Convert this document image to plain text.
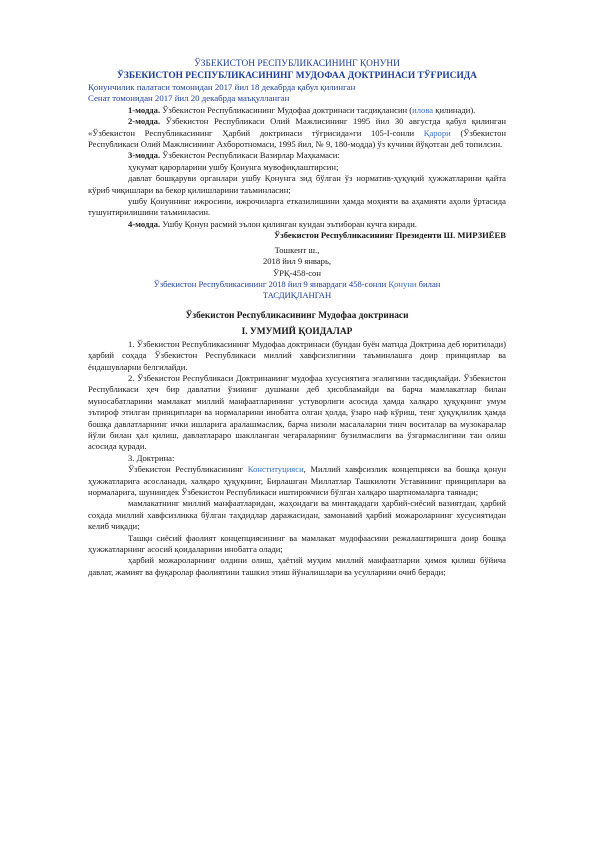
ЎЗБЕКИСТОН РЕСПУБЛИКАСИНИНГ ҚОНУНИ
ЎЗБЕКИСТОН РЕСПУБЛИКАСИНИНГ МУДОФАА ДОКТРИНАСИ ТЎҒРИСИДА
Қонунчилик палатаси томонидан 2017 йил 18 декабрда қабул қилинган
Сенат томонидан 2017 йил 20 декабрда маъқулланган

1-модда. Ўзбекистон Республикасининг Мудофаа доктринаси тасдиқлансин (илова қилинади).

2-модда. Ўзбекистон Республикаси Олий Мажлисининг 1995 йил 30 августда қабул қилинган «Ўзбекистон Республикасининг Ҳарбий доктринаси тўғрисида»ги 105-I-сонли Қарори (Ўзбекистон Республикаси Олий Мажлисининг Ахборотномаси, 1995 йил, № 9, 180-модда) ўз кучини йўқотган деб топилсин.

3-модда. Ўзбекистон Республикаси Вазирлар Маҳкамаси:

ҳукумат қарорларини ушбу Қонунга мувофиқлаштирсин;

давлат бошқаруви органлари ушбу Қонунга зид бўлган ўз норматив-ҳуқуқий ҳужжатларини қайта кўриб чиқишлари ва бекор қилишларини таъминласин;

ушбу Қонуннинг ижросини, ижрочиларга етказилишини ҳамда моҳияти ва аҳамияти аҳоли ўртасида тушунтирилишини таъминласин.

4-модда. Ушбу Қонун расмий эълон қилинган кундан эътиборан кучга киради.

Ўзбекистон Республикасининг Президенти Ш. МИРЗИЁЕВ
Тошкент ш.,
2018 йил 9 январь,
ЎРҚ-458-сон
Ўзбекистон Республикасининг 2018 йил 9 январдаги 458-сонли Қонуни билан
ТАСДИҚЛАНГАН
Ўзбекистон Республикасининг Мудофаа доктринаси
I. УМУМИЙ ҚОИДАЛАР

1. Ўзбекистон Республикасининг Мудофаа доктринаси (бундан буён матнда Доктрина деб юритилади) ҳарбий соҳада Ўзбекистон Республикаси миллий хавфсизлигини таъминлашга доир принциплар ва ёндашувларни белгилайди.

2. Ўзбекистон Республикаси Доктринанинг мудофаа хусусиятига эгалигини тасдиқлайди. Ўзбекистон Республикаси ҳеч бир давлатни ўзининг душмани деб ҳисобламайди ва барча мамлакатлар билан муносабатларини мамлакат миллий манфаатларининг устуворлиги асосида ҳамда халқаро ҳуқуқнинг умум эътироф этилган принциплари ва нормаларини инобатга олган ҳолда, ўзаро наф кўриш, тенг ҳуқуқлилик ҳамда бошқа давлатларнинг ички ишларига аралашмаслик, барча низоли масалаларни тинч воситалар ва музокаралар йўли билан ҳал қилиш, давлатлараро шаклланган чегараларнинг бузилмаслиги ва ўзгармаслигини тан олиш асосида қуради.

3. Доктрина:

Ўзбекистон Республикасининг Конституцияси, Миллий хавфсизлик концепцияси ва бошқа қонун ҳужжатларига асосланади, халқаро ҳуқуқнинг, Бирлашган Миллатлар Ташкилоти Уставининг принциплари ва нормаларига, шунингдек Ўзбекистон Республикаси иштирокчиси бўлган халқаро шартномаларга таянади;

мамлакатнинг миллий манфаатларидан, жаҳондаги ва минтақадаги ҳарбий-сиёсий вазиятдан, ҳарбий соҳада миллий хавфсизликка бўлган таҳдидлар даражасидан, замонавий ҳарбий можароларнинг хусусиятидан келиб чиқади;

Ташқи сиёсий фаолият концепциясининг ва мамлакат мудофаасини режалаштиришга доир бошқа ҳужжатларнинг асосий қоидаларини инобатга олади;

ҳарбий можароларнинг олдини олиш, ҳаётий муҳим миллий манфаатларни ҳимоя қилиш бўйича давлат, жамият ва фуқаролар фаолиятини ташкил этиш йўналишлари ва усулларини очиб беради;
